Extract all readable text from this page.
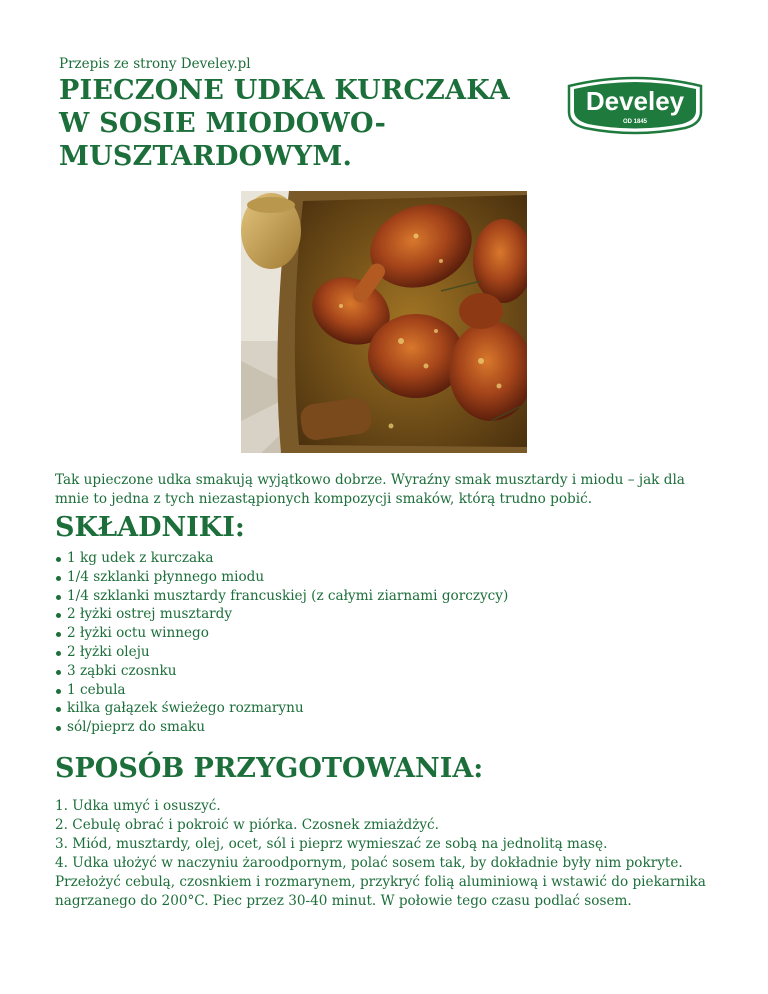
Przepis ze strony Develey.pl
PIECZONE UDKA KURCZAKA W SOSIE MIODOWO-MUSZTARDOWYM.
Develey
OD 1845

Tak upieczone udka smakują wyjątkowo dobrze. Wyraźny smak musztardy i miodu – jak dla mnie to jedna z tych niezastąpionych kompozycji smaków, którą trudno pobić.

SKŁADNIKI:
1 kg udek z kurczaka
1/4 szklanki płynnego miodu
1/4 szklanki musztardy francuskiej (z całymi ziarnami gorczycy)
2 łyżki ostrej musztardy
2 łyżki octu winnego
2 łyżki oleju
3 ząbki czosnku
1 cebula
kilka gałązek świeżego rozmarynu
sól/pieprz do smaku
SPOSÓB PRZYGOTOWANIA:

1. Udka umyć i osuszyć.

2. Cebulę obrać i pokroić w piórka. Czosnek zmiażdżyć.

3. Miód, musztardy, olej, ocet, sól i pieprz wymieszać ze sobą na jednolitą masę.

4. Udka ułożyć w naczyniu żaroodpornym, polać sosem tak, by dokładnie były nim pokryte. Przełożyć cebulą, czosnkiem i rozmarynem, przykryć folią aluminiową i wstawić do piekarnika nagrzanego do 200°C. Piec przez 30-40 minut. W połowie tego czasu podlać sosem.
